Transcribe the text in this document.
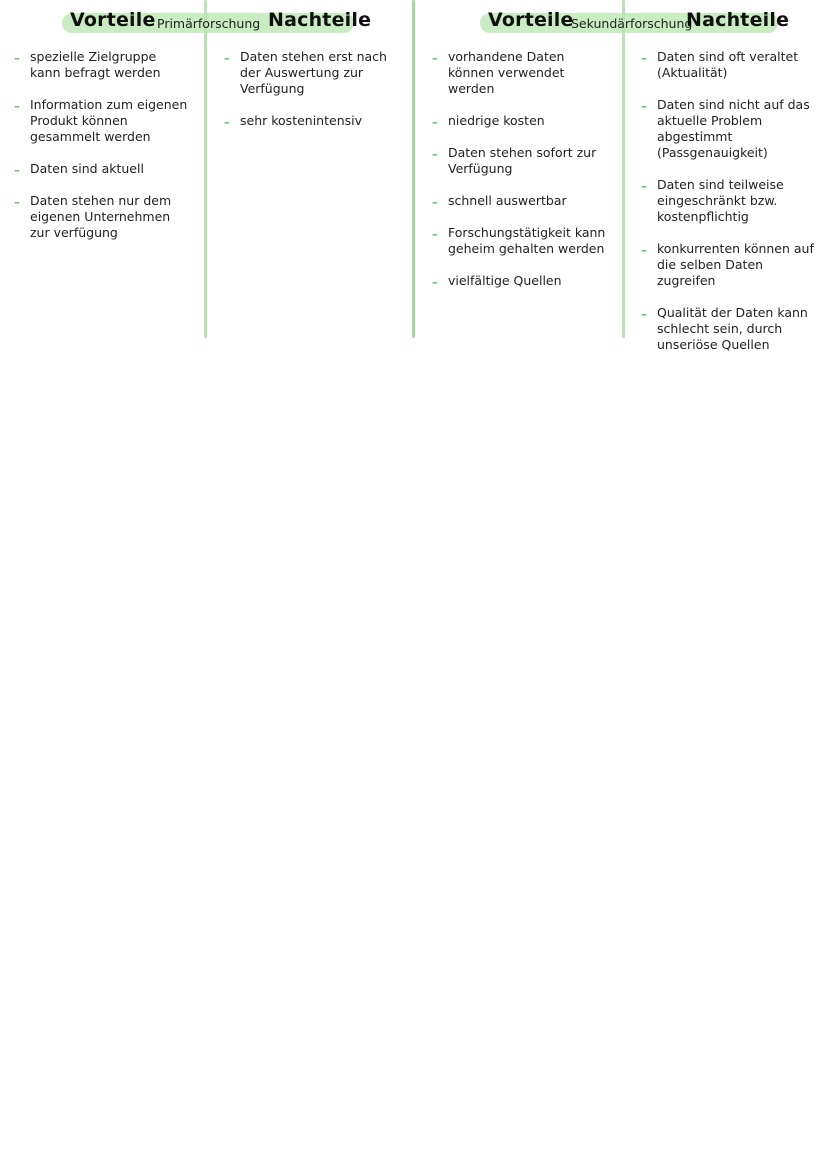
Vorteile Primärforschung Nachteile	Vorteile
Sekundärforschung
Nachteile
– spezielle Zielgruppe kann befragt werden
– Information zum eigenen Produkt können gesammelt werden
– Daten sind aktuell
– Daten stehen nur dem eigenen Unternehmen zur verfügung
– Daten stehen erst nach der Auswertung zur Verfügung
– sehr kostenintensiv
– vorhandene Daten können verwendet werden
– niedrige kosten
– Daten stehen sofort zur Verfügung
– schnell auswertbar
– Forschungstätigkeit kann geheim gehalten werden
– vielfältige Quellen
– Daten sind oft veraltet (Aktualität)
– Daten sind nicht auf das aktuelle Problem abgestimmt (Passgenauigkeit)
– Daten sind teilweise eingeschränkt bzw. kostenpflichtig
– konkurrenten können auf die selben Daten zugreifen
– Qualität der Daten kann schlecht sein, durch unseriöse Quellen
